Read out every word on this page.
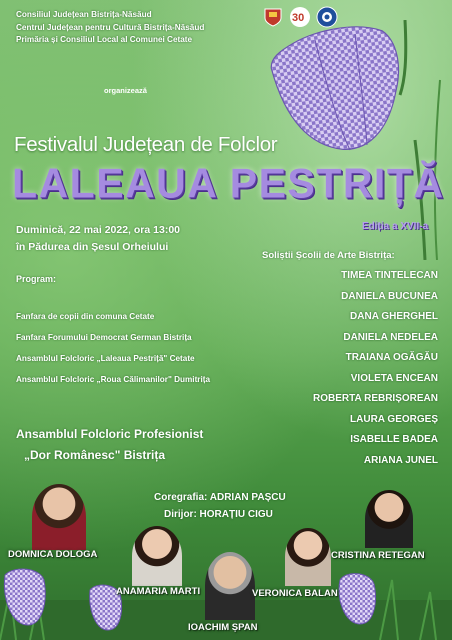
Consiliul Județean Bistrița-Năsăud
Centrul Județean pentru Cultură Bistrița-Năsăud
Primăria și Consiliul Local al Comunei Cetate
30
organizează
Festivalul Județean de Folclor
LALEAUA PESTRIȚĂ
Ediția a XVII-a
Duminică, 22 mai 2022, ora 13:00
în Pădurea din Șesul Orheiului
Program:
Fanfara de copii din comuna Cetate
Fanfara Forumului Democrat German Bistrița
Ansamblul Folcloric „Laleaua Pestriță" Cetate
Ansamblul Folcloric „Roua Călimanilor" Dumitrița
Soliștii Școlii de Arte Bistrița:
TIMEA TINTELECAN
DANIELA BUCUNEA
DANA GHERGHEL
DANIELA NEDELEA
TRAIANA OGĂGĂU
VIOLETA ENCEAN
ROBERTA REBRIȘOREAN
LAURA GEORGEȘ
ISABELLE BADEA
ARIANA JUNEL
Ansamblul Folcloric Profesionist
„Dor Românesc" Bistrița
Coregrafia: ADRIAN PAȘCU
Dirijor: HORAȚIU CIGU
DOMNICA DOLOGA
ANAMARIA MARTI
IOACHIM ȘPAN
VERONICA BALAN
CRISTINA RETEGAN
